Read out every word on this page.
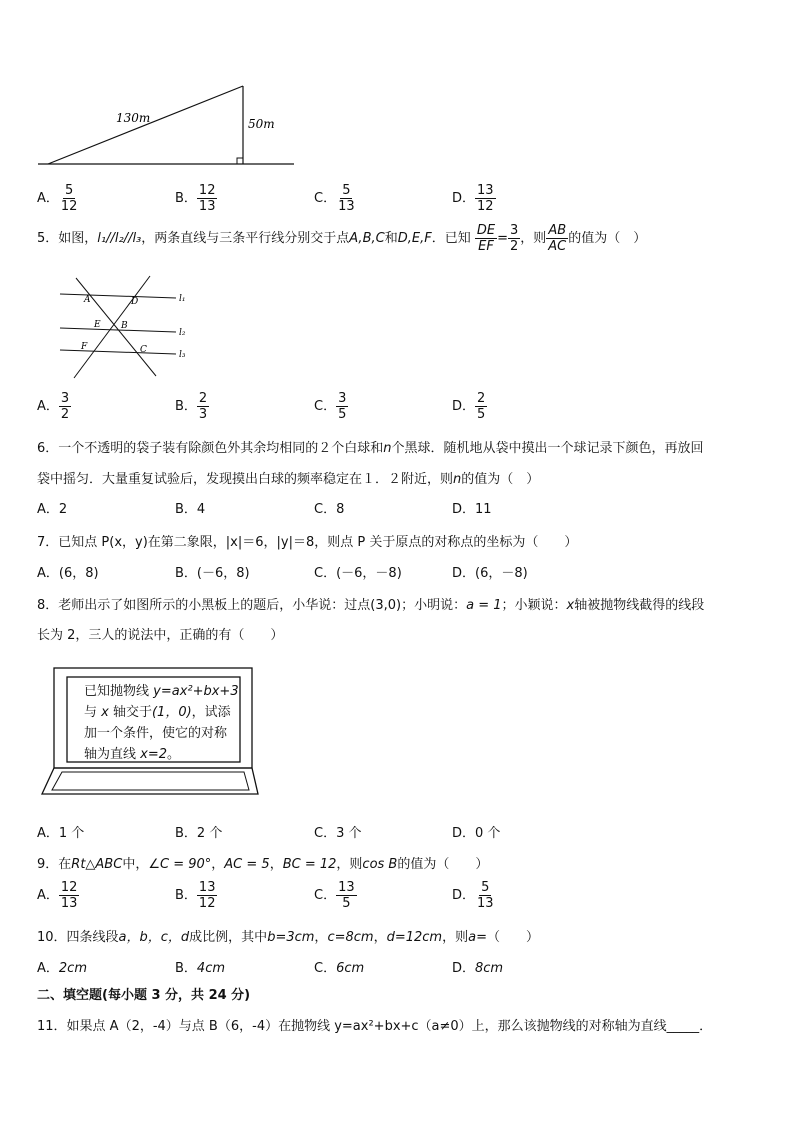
130m	50m
A． $\frac{5}{12}$	B． $\frac{12}{13}$	C． $\frac{5}{13}$	D． $\frac{13}{12}$
5．如图，l₁//l₂//l₃，两条直线与三条平行线分别交于点A,B,C和D,E,F．已知 $\frac{DE}{EF} = \frac{3}{2}$ ，则 $\frac{AB}{AC}$ 的值为（　）
A	D
E B
F	C
l₁
l₂
l₃
A． $\frac{3}{2}$	B． $\frac{2}{3}$	C． $\frac{3}{5}$	D． $\frac{2}{5}$
6．一个不透明的袋子装有除颜色外其余均相同的２个白球和n个黑球．随机地从袋中摸出一个球记录下颜色，再放回
袋中摇匀．大量重复试验后，发现摸出白球的频率稳定在１．２附近，则n的值为（　）
A．2	B．4	C．8	D．11
7．已知点 P(x，y)在第二象限，|x|＝6，|y|＝8，则点 P 关于原点的对称点的坐标为（　　）
A．(6，8)	B．(－6，8)	C．(－6，－8)	D．(6，－8)
8．老师出示了如图所示的小黑板上的题后，小华说：过点(3,0)；小明说：a = 1；小颖说：x轴被抛物线截得的线段
长为 2，三人的说法中，正确的有（　　）
已知抛物线 y=ax²+bx+3
与 x 轴交于(1，0)，试添
加一个条件，使它的对称
轴为直线 x=2。
A．1 个	B．2 个	C．3 个	D．0 个
9．在Rt△ABC中，∠C = 90°，AC = 5，BC = 12，则cos B的值为（　　）
A． $\frac{12}{13}$	B． $\frac{13}{12}$	C． $\frac{13}{5}$	D． $\frac{5}{13}$
10．四条线段a，b，c，d成比例，其中b=3cm，c=8cm，d=12cm，则a=（　　）
A．2cm	B．4cm	C．6cm	D．8cm
二、填空题(每小题 3 分，共 24 分)
11．如果点 A（2，-4）与点 B（6，-4）在抛物线 y=ax²+bx+c（a≠0）上，那么该抛物线的对称轴为直线_____．
